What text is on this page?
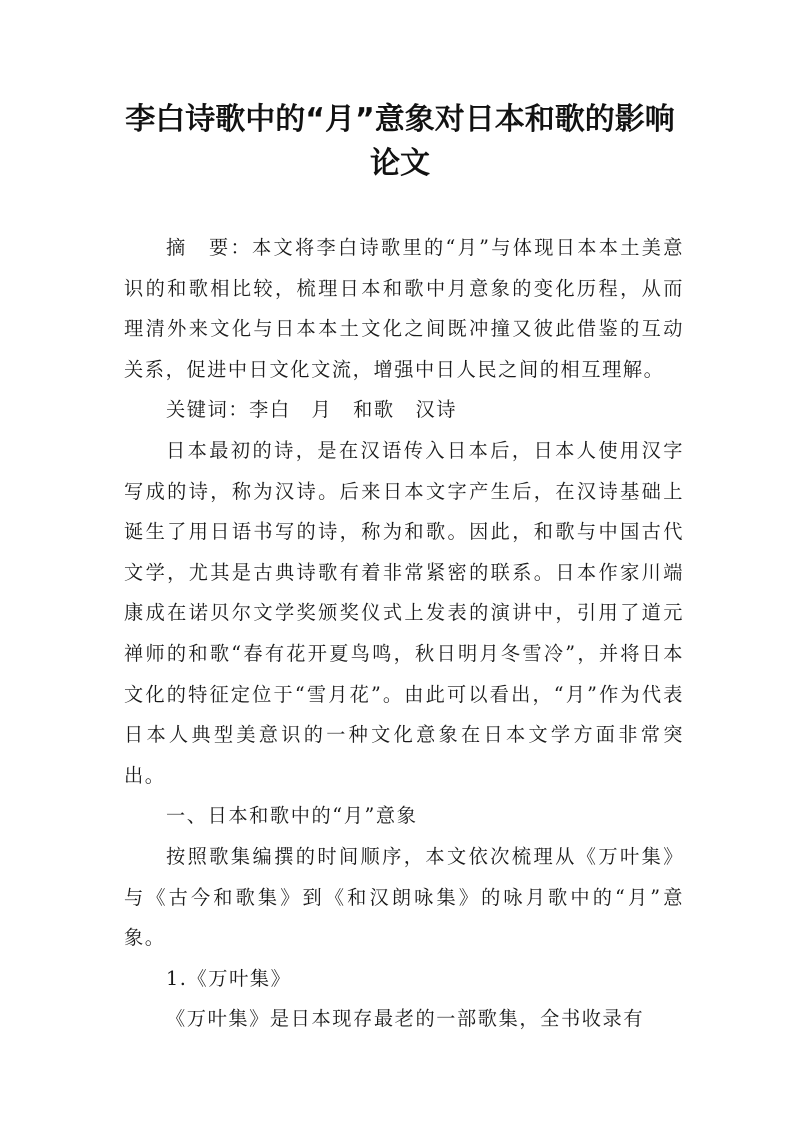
李白诗歌中的“月”意象对日本和歌的影响
论文

摘　要：本文将李白诗歌里的“月”与体现日本本土美意识的和歌相比较，梳理日本和歌中月意象的变化历程，从而理清外来文化与日本本土文化之间既冲撞又彼此借鉴的互动关系，促进中日文化文流，增强中日人民之间的相互理解。

关键词：李白　月　和歌　汉诗

日本最初的诗，是在汉语传入日本后，日本人使用汉字写成的诗，称为汉诗。后来日本文字产生后，在汉诗基础上诞生了用日语书写的诗，称为和歌。因此，和歌与中国古代文学，尤其是古典诗歌有着非常紧密的联系。日本作家川端康成在诺贝尔文学奖颁奖仪式上发表的演讲中，引用了道元禅师的和歌“春有花开夏鸟鸣，秋日明月冬雪冷”，并将日本文化的特征定位于“雪月花”。由此可以看出，“月”作为代表日本人典型美意识的一种文化意象在日本文学方面非常突出。

一、日本和歌中的“月”意象

按照歌集编撰的时间顺序，本文依次梳理从《万叶集》与《古今和歌集》到《和汉朗咏集》的咏月歌中的“月”意象。

1.《万叶集》

《万叶集》是日本现存最老的一部歌集，全书收录有
